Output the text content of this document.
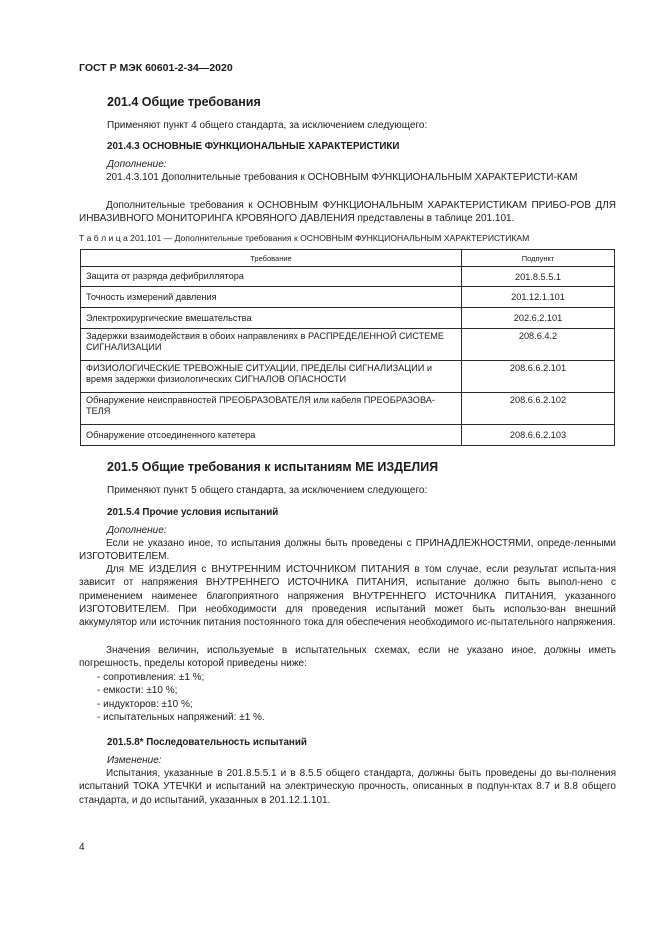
ГОСТ Р МЭК 60601-2-34—2020
201.4 Общие требования
Применяют пункт 4 общего стандарта, за исключением следующего:
201.4.3 ОСНОВНЫЕ ФУНКЦИОНАЛЬНЫЕ ХАРАКТЕРИСТИКИ
Дополнение:
201.4.3.101 Дополнительные требования к ОСНОВНЫМ ФУНКЦИОНАЛЬНЫМ ХАРАКТЕРИСТИ-КАМ
Дополнительные требования к ОСНОВНЫМ ФУНКЦИОНАЛЬНЫМ ХАРАКТЕРИСТИКАМ ПРИБО-РОВ ДЛЯ ИНВАЗИВНОГО МОНИТОРИНГА КРОВЯНОГО ДАВЛЕНИЯ представлены в таблице 201.101.
Т а б л и ц а 201.101 — Дополнительные требования к ОСНОВНЫМ ФУНКЦИОНАЛЬНЫМ ХАРАКТЕРИСТИКАМ
Требование	Подпункт
Защита от разряда дефибриллятора	201.8.5.5.1
Точность измерений давления	201.12.1.101
Электрохирургические вмешательства	202.6.2.101
Задержки взаимодействия в обоих направлениях в РАСПРЕДЕЛЕННОЙ СИСТЕМЕ СИГНАЛИЗАЦИИ	208.6.4.2
ФИЗИОЛОГИЧЕСКИЕ ТРЕВОЖНЫЕ СИТУАЦИИ, ПРЕДЕЛЫ СИГНАЛИЗАЦИИ и время задержки физиологических СИГНАЛОВ ОПАСНОСТИ	208.6.6.2.101
Обнаружение неисправностей ПРЕОБРАЗОВАТЕЛЯ или кабеля ПРЕОБРАЗОВА-ТЕЛЯ	208.6.6.2.102
Обнаружение отсоединенного катетера	208.6.6.2.103
201.5 Общие требования к испытаниям МЕ ИЗДЕЛИЯ
Применяют пункт 5 общего стандарта, за исключением следующего:
201.5.4 Прочие условия испытаний
Дополнение:
Если не указано иное, то испытания должны быть проведены с ПРИНАДЛЕЖНОСТЯМИ, опреде-ленными ИЗГОТОВИТЕЛЕМ.
Для МЕ ИЗДЕЛИЯ с ВНУТРЕННИМ ИСТОЧНИКОМ ПИТАНИЯ в том случае, если результат испыта-ния зависит от напряжения ВНУТРЕННЕГО ИСТОЧНИКА ПИТАНИЯ, испытание должно быть выпол-нено с применением наименее благоприятного напряжения ВНУТРЕННЕГО ИСТОЧНИКА ПИТАНИЯ, указанного ИЗГОТОВИТЕЛЕМ. При необходимости для проведения испытаний может быть использо-ван внешний аккумулятор или источник питания постоянного тока для обеспечения необходимого ис-пытательного напряжения.
Значения величин, используемые в испытательных схемах, если не указано иное, должны иметь погрешность, пределы которой приведены ниже:
- сопротивления: ±1 %;
- емкости: ±10 %;
- индукторов: ±10 %;
- испытательных напряжений: ±1 %.
201.5.8* Последовательность испытаний
Изменение:
Испытания, указанные в 201.8.5.5.1 и в 8.5.5 общего стандарта, должны быть проведены до вы-полнения испытаний ТОКА УТЕЧКИ и испытаний на электрическую прочность, описанных в подпун-ктах 8.7 и 8.8 общего стандарта, и до испытаний, указанных в 201.12.1.101.
4
